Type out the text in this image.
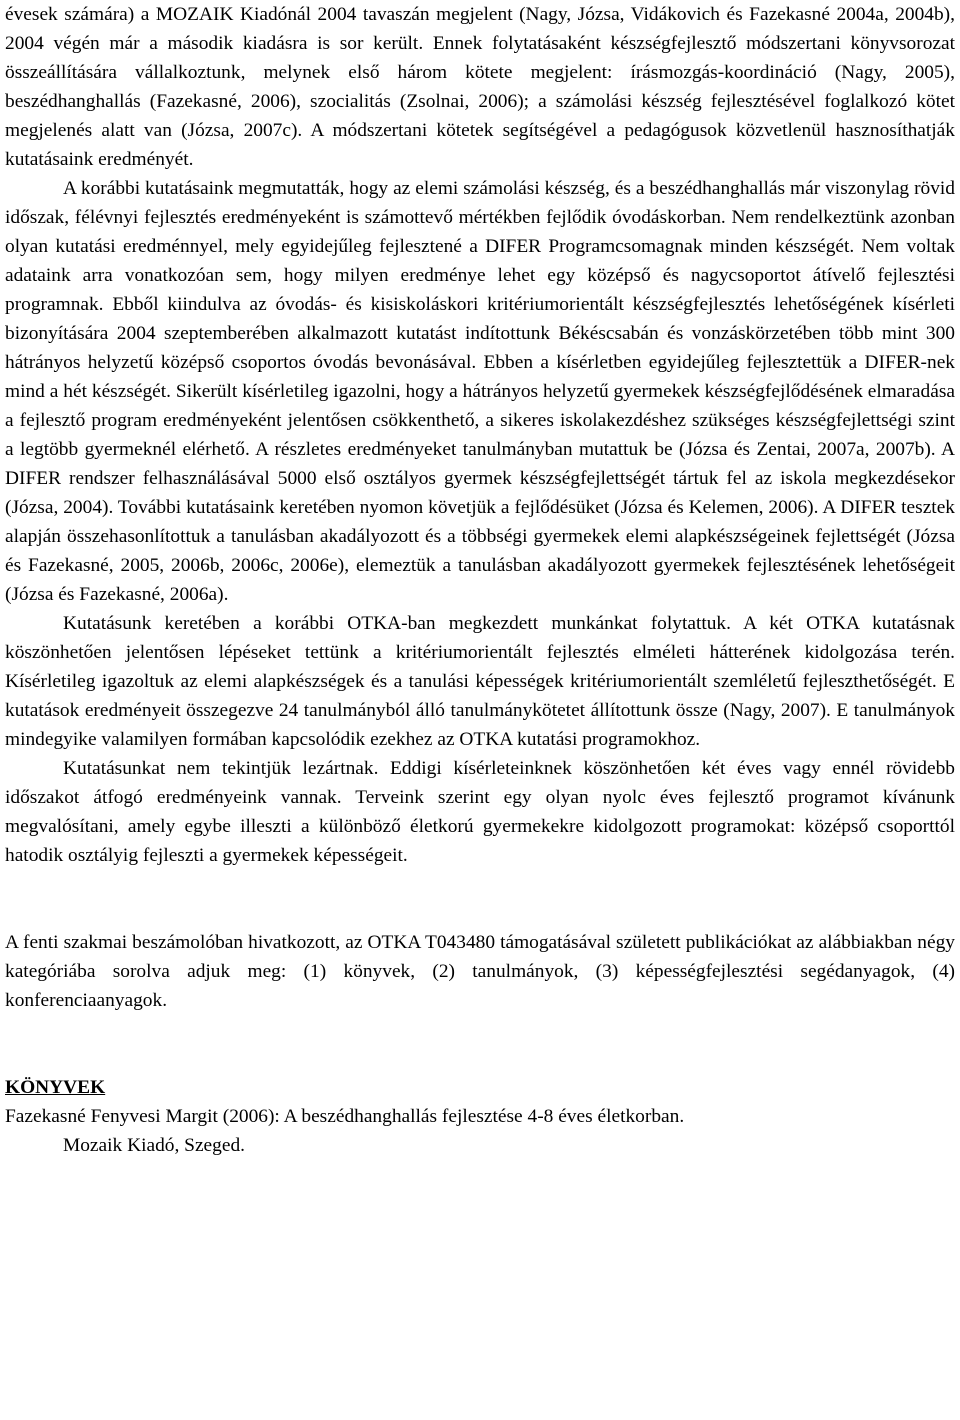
évesek számára) a MOZAIK Kiadónál 2004 tavaszán megjelent (Nagy, Józsa, Vidákovich és Fazekasné 2004a, 2004b), 2004 végén már a második kiadásra is sor került. Ennek folytatásaként készségfejlesztő módszertani könyvsorozat összeállítására vállalkoztunk, melynek első három kötete megjelent: írásmozgás-koordináció (Nagy, 2005), beszédhanghallás (Fazekasné, 2006), szocialitás (Zsolnai, 2006); a számolási készség fejlesztésével foglalkozó kötet megjelenés alatt van (Józsa, 2007c). A módszertani kötetek segítségével a pedagógusok közvetlenül hasznosíthatják kutatásaink eredményét.

A korábbi kutatásaink megmutatták, hogy az elemi számolási készség, és a beszédhanghallás már viszonylag rövid időszak, félévnyi fejlesztés eredményeként is számottevő mértékben fejlődik óvodáskorban. Nem rendelkeztünk azonban olyan kutatási eredménnyel, mely egyidejűleg fejlesztené a DIFER Programcsomagnak minden készségét. Nem voltak adataink arra vonatkozóan sem, hogy milyen eredménye lehet egy középső és nagycsoportot átívelő fejlesztési programnak. Ebből kiindulva az óvodás- és kisiskoláskori kritériumorientált készségfejlesztés lehetőségének kísérleti bizonyítására 2004 szeptemberében alkalmazott kutatást indítottunk Békéscsabán és vonzáskörzetében több mint 300 hátrányos helyzetű középső csoportos óvodás bevonásával. Ebben a kísérletben egyidejűleg fejlesztettük a DIFER-nek mind a hét készségét. Sikerült kísérletileg igazolni, hogy a hátrányos helyzetű gyermekek készségfejlődésének elmaradása a fejlesztő program eredményeként jelentősen csökkenthető, a sikeres iskolakezdéshez szükséges készségfejlettségi szint a legtöbb gyermeknél elérhető. A részletes eredményeket tanulmányban mutattuk be (Józsa és Zentai, 2007a, 2007b). A DIFER rendszer felhasználásával 5000 első osztályos gyermek készségfejlettségét tártuk fel az iskola megkezdésekor (Józsa, 2004). További kutatásaink keretében nyomon követjük a fejlődésüket (Józsa és Kelemen, 2006). A DIFER tesztek alapján összehasonlítottuk a tanulásban akadályozott és a többségi gyermekek elemi alapkészségeinek fejlettségét (Józsa és Fazekasné, 2005, 2006b, 2006c, 2006e), elemeztük a tanulásban akadályozott gyermekek fejlesztésének lehetőségeit (Józsa és Fazekasné, 2006a).

Kutatásunk keretében a korábbi OTKA-ban megkezdett munkánkat folytattuk. A két OTKA kutatásnak köszönhetően jelentősen lépéseket tettünk a kritériumorientált fejlesztés elméleti hátterének kidolgozása terén. Kísérletileg igazoltuk az elemi alapkészségek és a tanulási képességek kritériumorientált szemléletű fejleszthetőségét. E kutatások eredményeit összegezve 24 tanulmányból álló tanulmánykötetet állítottunk össze (Nagy, 2007). E tanulmányok mindegyike valamilyen formában kapcsolódik ezekhez az OTKA kutatási programokhoz.

Kutatásunkat nem tekintjük lezártnak. Eddigi kísérleteinknek köszönhetően két éves vagy ennél rövidebb időszakot átfogó eredményeink vannak. Terveink szerint egy olyan nyolc éves fejlesztő programot kívánunk megvalósítani, amely egybe illeszti a különböző életkorú gyermekekre kidolgozott programokat: középső csoporttól hatodik osztályig fejleszti a gyermekek képességeit.

A fenti szakmai beszámolóban hivatkozott, az OTKA T043480 támogatásával született publikációkat az alábbiakban négy kategóriába sorolva adjuk meg: (1) könyvek, (2) tanulmányok, (3) képességfejlesztési segédanyagok, (4) konferenciaanyagok.

KÖNYVEK

Fazekasné Fenyvesi Margit (2006): A beszédhanghallás fejlesztése 4-8 éves életkorban.

Mozaik Kiadó, Szeged.
